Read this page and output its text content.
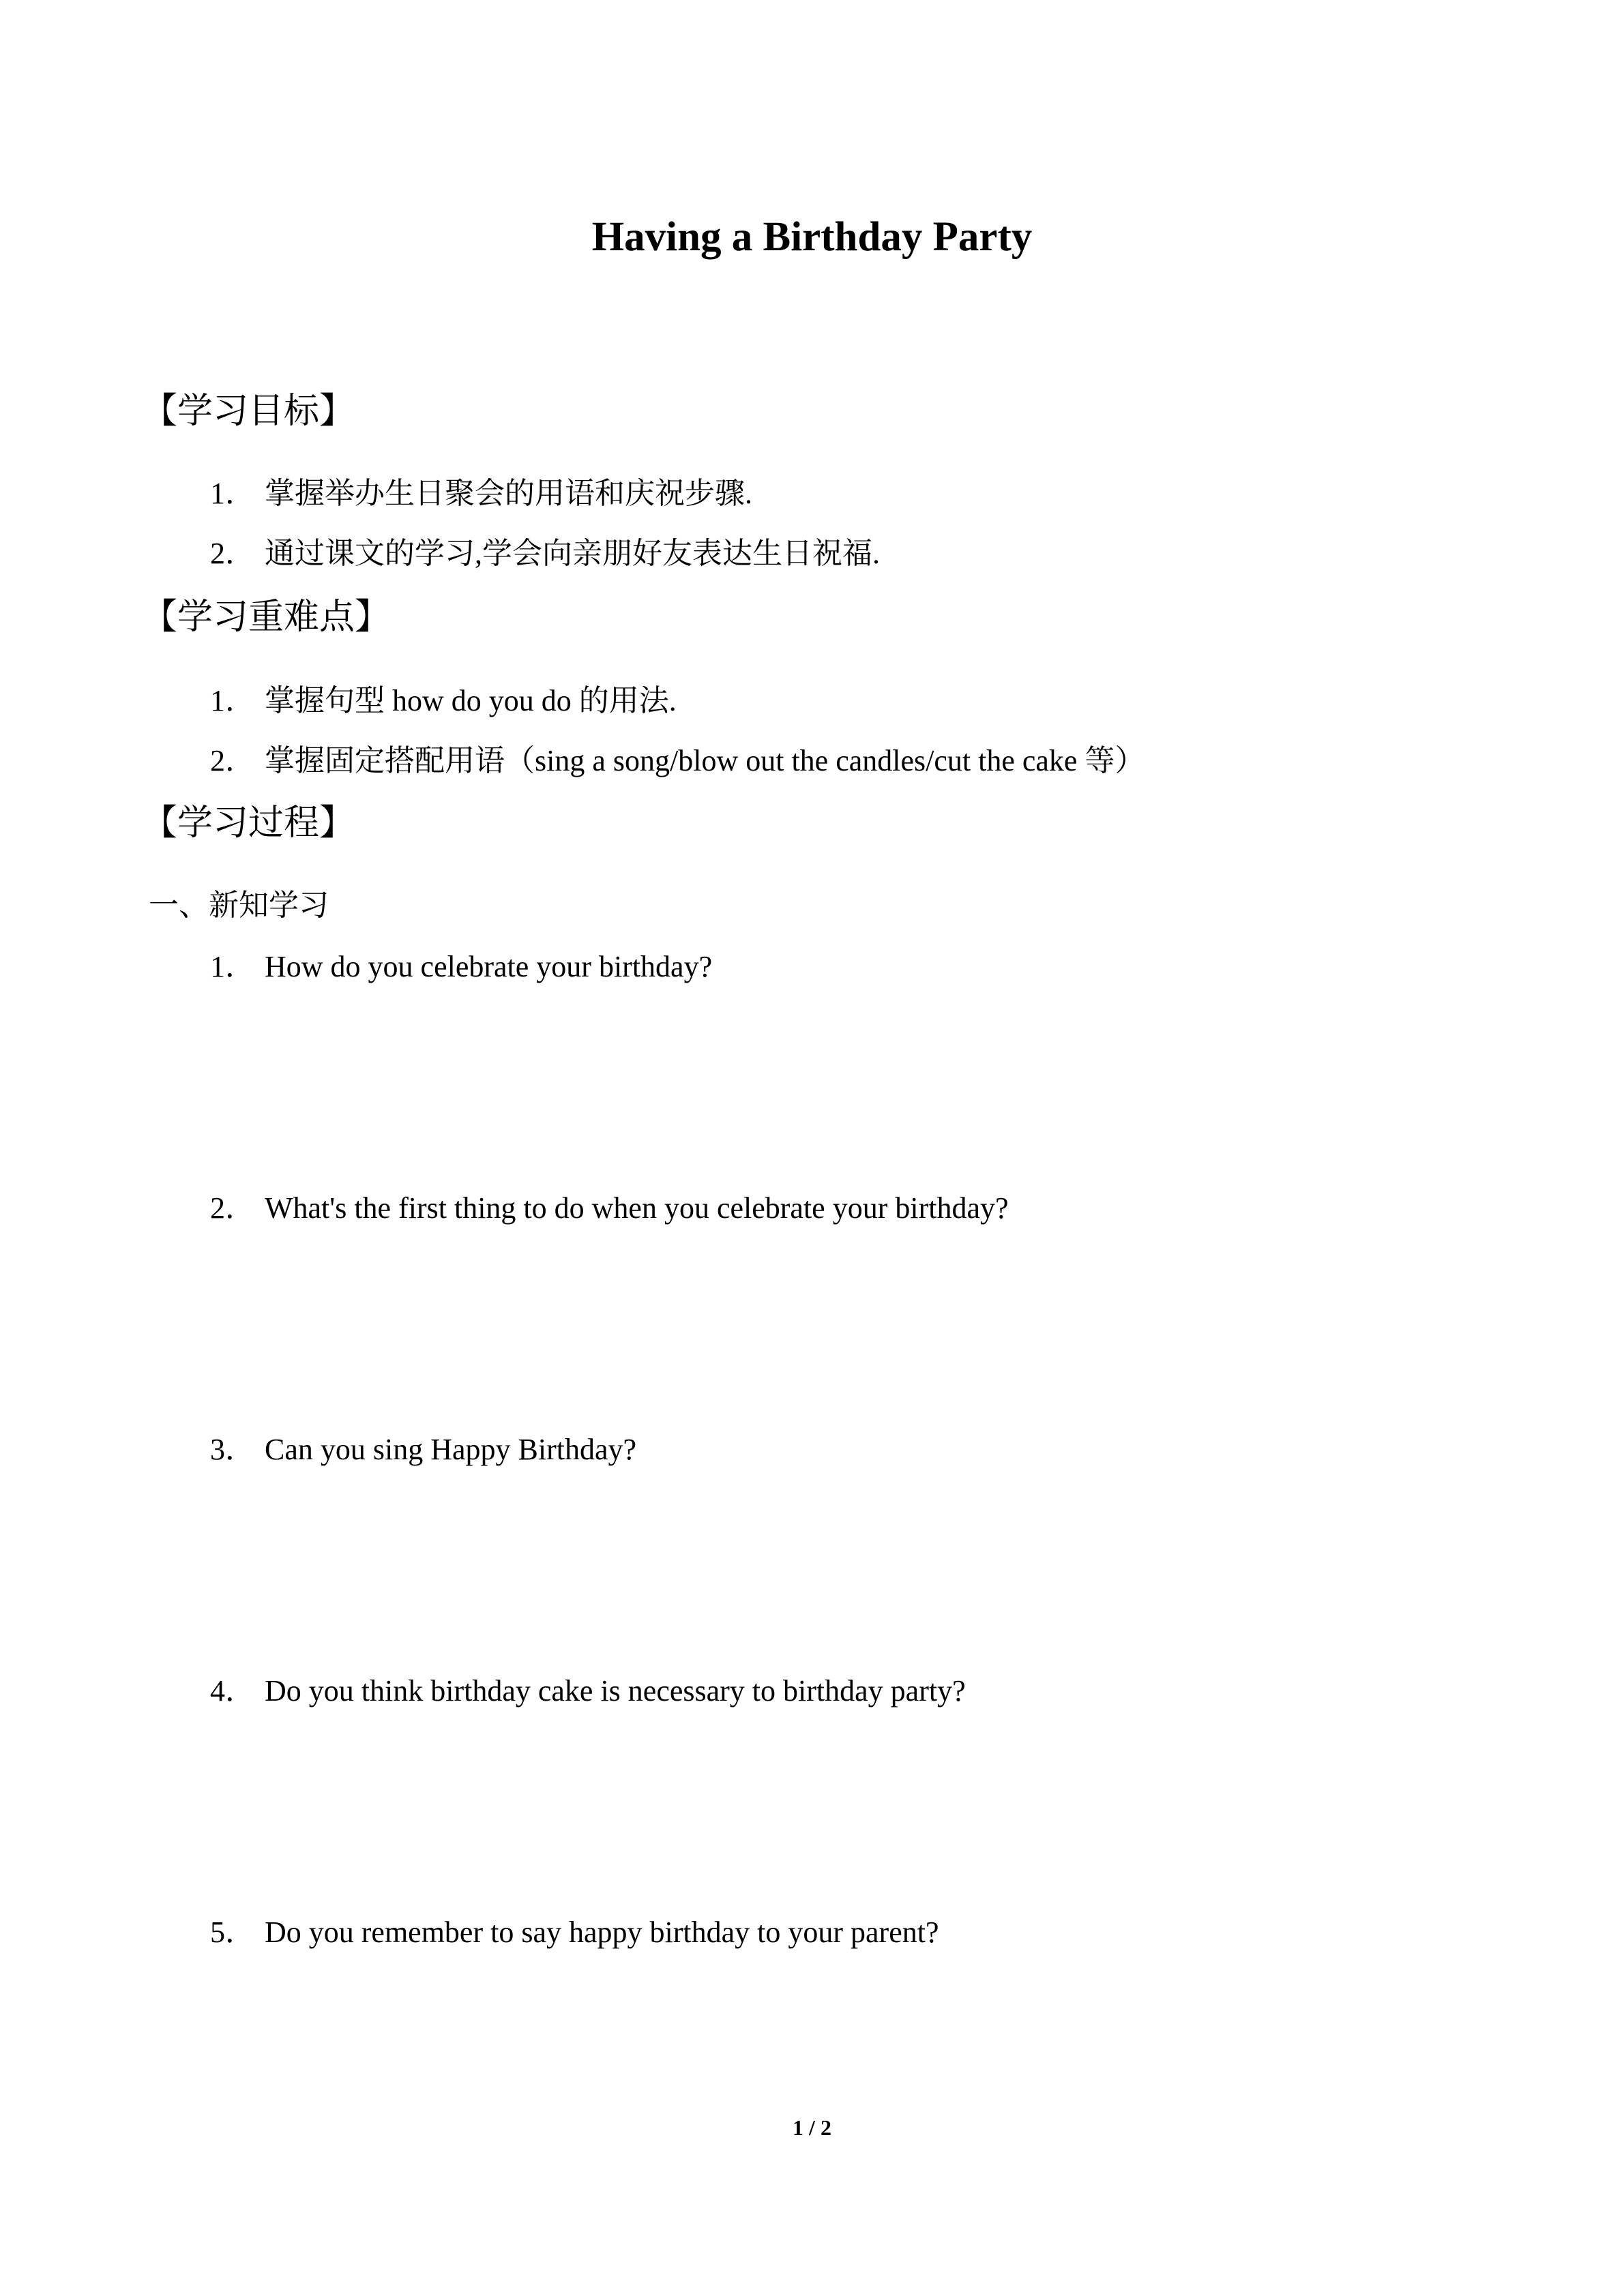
Having a Birthday Party
【学习目标】
1． 掌握举办生日聚会的用语和庆祝步骤.
2． 通过课文的学习,学会向亲朋好友表达生日祝福.
【学习重难点】
1． 掌握句型 how do you do 的用法.
2． 掌握固定搭配用语（sing a song/blow out the candles/cut the cake 等）
【学习过程】
一、新知学习
1． How do you celebrate your birthday?
2． What's the first thing to do when you celebrate your birthday?
3． Can you sing Happy Birthday?
4． Do you think birthday cake is necessary to birthday party?
5． Do you remember to say happy birthday to your parent?
1 / 2
